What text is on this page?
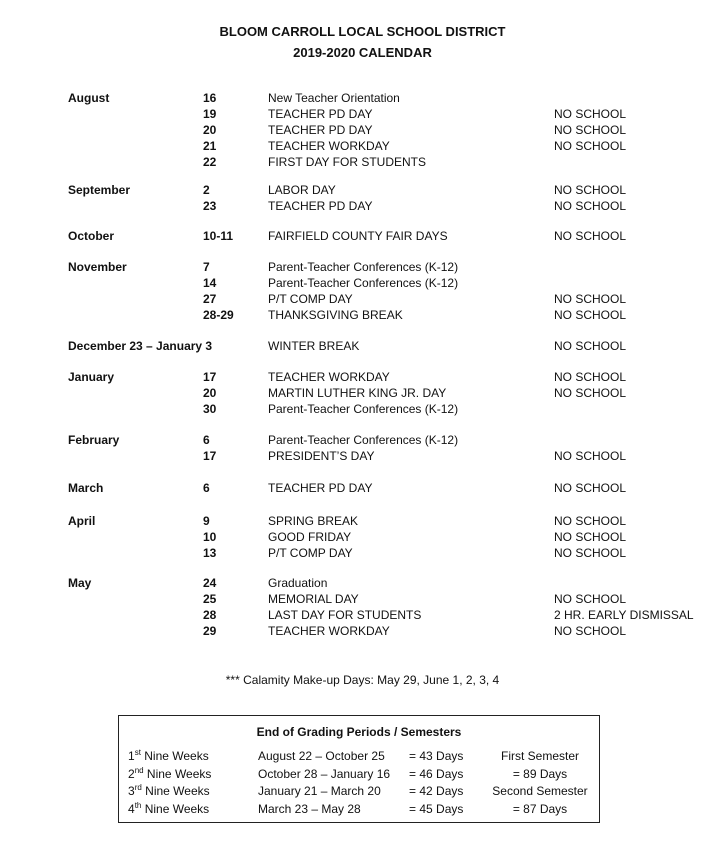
BLOOM CARROLL LOCAL SCHOOL DISTRICT
2019-2020 CALENDAR
August	16	New Teacher Orientation
19	TEACHER PD DAY	NO SCHOOL
20	TEACHER PD DAY	NO SCHOOL
21	TEACHER WORKDAY	NO SCHOOL
22	FIRST DAY FOR STUDENTS
September	2	LABOR DAY	NO SCHOOL
23	TEACHER PD DAY	NO SCHOOL
October	10-11	FAIRFIELD COUNTY FAIR DAYS	NO SCHOOL
November	7	Parent-Teacher Conferences (K-12)
14	Parent-Teacher Conferences (K-12)
27	P/T COMP DAY	NO SCHOOL
28-29	THANKSGIVING BREAK	NO SCHOOL
December 23 – January 3	WINTER BREAK	NO SCHOOL
January	17	TEACHER WORKDAY	NO SCHOOL
20	MARTIN LUTHER KING JR. DAY	NO SCHOOL
30	Parent-Teacher Conferences (K-12)
February	6	Parent-Teacher Conferences (K-12)
17	PRESIDENT’S DAY	NO SCHOOL
March	6	TEACHER PD DAY	NO SCHOOL
April	9	SPRING BREAK	NO SCHOOL
10	GOOD FRIDAY	NO SCHOOL
13	P/T COMP DAY	NO SCHOOL
May	24	Graduation
25	MEMORIAL DAY	NO SCHOOL
28	LAST DAY FOR STUDENTS	2 HR. EARLY DISMISSAL
29	TEACHER WORKDAY	NO SCHOOL
*** Calamity Make-up Days: May 29, June 1, 2, 3, 4
End of Grading Periods / Semesters
1st Nine Weeks	August 22 – October 25 = 43 Days	First Semester
2nd Nine Weeks	October 28 – January 16 = 46 Days	= 89 Days
3rd Nine Weeks	January 21 – March 20 = 42 Days	Second Semester
4th Nine Weeks	March 23 – May 28	= 45 Days	= 87 Days
